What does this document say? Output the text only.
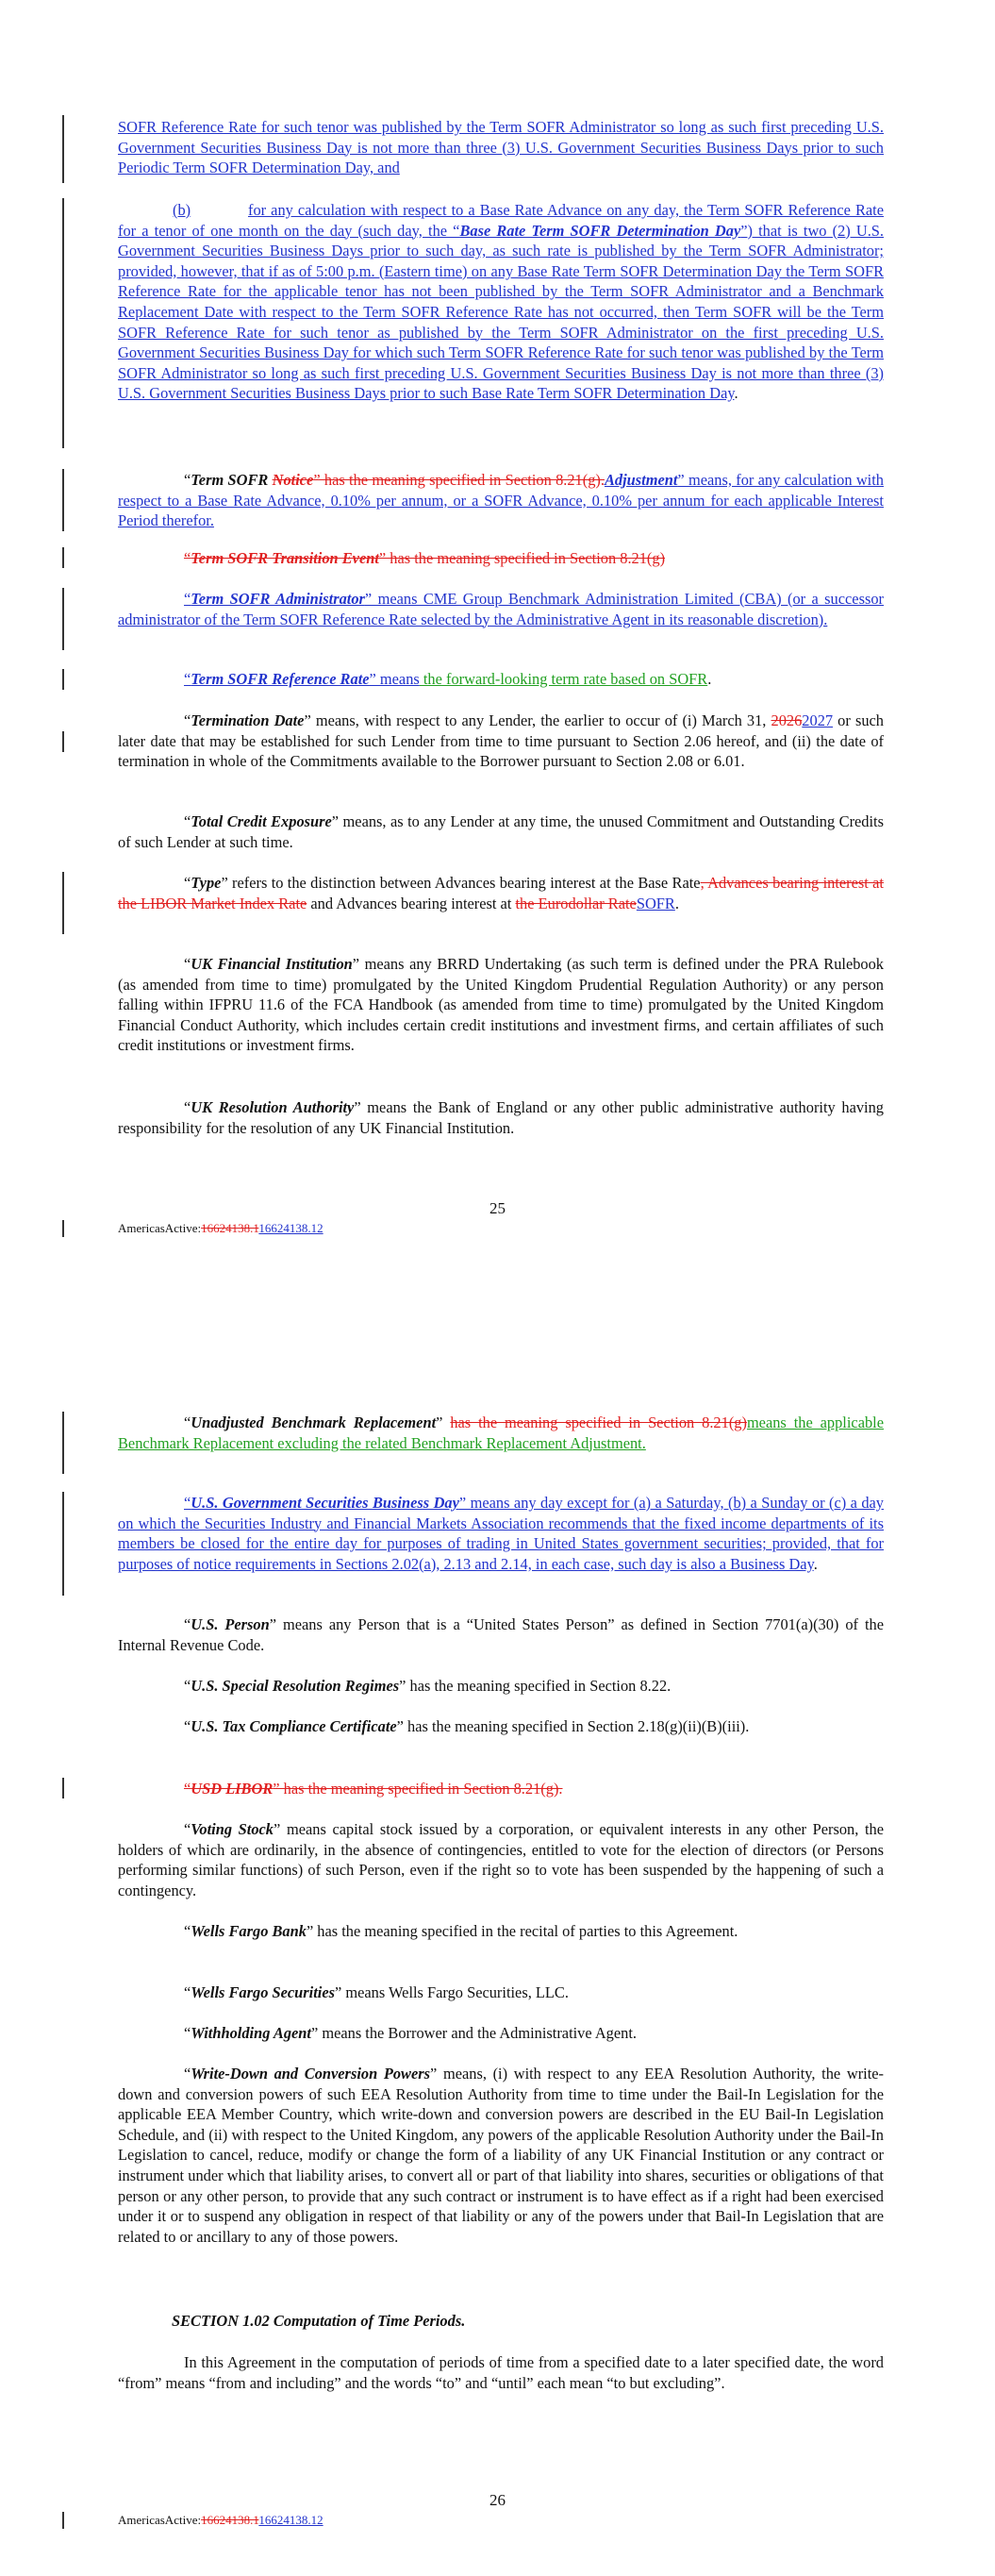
SOFR Reference Rate for such tenor was published by the Term SOFR Administrator so long as such first preceding U.S. Government Securities Business Day is not more than three (3) U.S. Government Securities Business Days prior to such Periodic Term SOFR Determination Day, and

(b)	for any calculation with respect to a Base Rate Advance on any day, the Term SOFR Reference Rate for a tenor of one month on the day (such day, the “Base Rate Term SOFR Determination Day”) that is two (2) U.S. Government Securities Business Days prior to such day, as such rate is published by the Term SOFR Administrator; provided, however, that if as of 5:00 p.m. (Eastern time) on any Base Rate Term SOFR Determination Day the Term SOFR Reference Rate for the applicable tenor has not been published by the Term SOFR Administrator and a Benchmark Replacement Date with respect to the Term SOFR Reference Rate has not occurred, then Term SOFR will be the Term SOFR Reference Rate for such tenor as published by the Term SOFR Administrator on the first preceding U.S. Government Securities Business Day for which such Term SOFR Reference Rate for such tenor was published by the Term SOFR Administrator so long as such first preceding U.S. Government Securities Business Day is not more than three (3) U.S. Government Securities Business Days prior to such Base Rate Term SOFR Determination Day.

“Term SOFR Notice” has the meaning specified in Section 8.21(g).Adjustment” means, for any calculation with respect to a Base Rate Advance, 0.10% per annum, or a SOFR Advance, 0.10% per annum for each applicable Interest Period therefor.

“Term SOFR Transition Event” has the meaning specified in Section 8.21(g)

“Term SOFR Administrator” means CME Group Benchmark Administration Limited (CBA) (or a successor administrator of the Term SOFR Reference Rate selected by the Administrative Agent in its reasonable discretion).

“Term SOFR Reference Rate” means the forward-looking term rate based on SOFR.

“Termination Date” means, with respect to any Lender, the earlier to occur of (i) March 31, 20262027 or such later date that may be established for such Lender from time to time pursuant to Section 2.06 hereof, and (ii) the date of termination in whole of the Commitments available to the Borrower pursuant to Section 2.08 or 6.01.

“Total Credit Exposure” means, as to any Lender at any time, the unused Commitment and Outstanding Credits of such Lender at such time.

“Type” refers to the distinction between Advances bearing interest at the Base Rate, Advances bearing interest at the LIBOR Market Index Rate and Advances bearing interest at the Eurodollar RateSOFR.

“UK Financial Institution” means any BRRD Undertaking (as such term is defined under the PRA Rulebook (as amended from time to time) promulgated by the United Kingdom Prudential Regulation Authority) or any person falling within IFPRU 11.6 of the FCA Handbook (as amended from time to time) promulgated by the United Kingdom Financial Conduct Authority, which includes certain credit institutions and investment firms, and certain affiliates of such credit institutions or investment firms.

“UK Resolution Authority” means the Bank of England or any other public administrative authority having responsibility for the resolution of any UK Financial Institution.

25
AmericasActive:16624138.116624138.12

“Unadjusted Benchmark Replacement” has the meaning specified in Section 8.21(g)means the applicable Benchmark Replacement excluding the related Benchmark Replacement Adjustment.

“U.S. Government Securities Business Day” means any day except for (a) a Saturday, (b) a Sunday or (c) a day on which the Securities Industry and Financial Markets Association recommends that the fixed income departments of its members be closed for the entire day for purposes of trading in United States government securities; provided, that for purposes of notice requirements in Sections 2.02(a), 2.13 and 2.14, in each case, such day is also a Business Day.

“U.S. Person” means any Person that is a “United States Person” as defined in Section 7701(a)(30) of the Internal Revenue Code.

“U.S. Special Resolution Regimes” has the meaning specified in Section 8.22.

“U.S. Tax Compliance Certificate” has the meaning specified in Section 2.18(g)(ii)(B)(iii).

“USD LIBOR” has the meaning specified in Section 8.21(g).

“Voting Stock” means capital stock issued by a corporation, or equivalent interests in any other Person, the holders of which are ordinarily, in the absence of contingencies, entitled to vote for the election of directors (or Persons performing similar functions) of such Person, even if the right so to vote has been suspended by the happening of such a contingency.

“Wells Fargo Bank” has the meaning specified in the recital of parties to this Agreement.

“Wells Fargo Securities” means Wells Fargo Securities, LLC.

“Withholding Agent” means the Borrower and the Administrative Agent.

“Write-Down and Conversion Powers” means, (i) with respect to any EEA Resolution Authority, the write-down and conversion powers of such EEA Resolution Authority from time to time under the Bail-In Legislation for the applicable EEA Member Country, which write-down and conversion powers are described in the EU Bail-In Legislation Schedule, and (ii) with respect to the United Kingdom, any powers of the applicable Resolution Authority under the Bail-In Legislation to cancel, reduce, modify or change the form of a liability of any UK Financial Institution or any contract or instrument under which that liability arises, to convert all or part of that liability into shares, securities or obligations of that person or any other person, to provide that any such contract or instrument is to have effect as if a right had been exercised under it or to suspend any obligation in respect of that liability or any of the powers under that Bail-In Legislation that are related to or ancillary to any of those powers.

SECTION 1.02 Computation of Time Periods.

In this Agreement in the computation of periods of time from a specified date to a later specified date, the word “from” means “from and including” and the words “to” and “until” each mean “to but excluding”.

26
AmericasActive:16624138.116624138.12
